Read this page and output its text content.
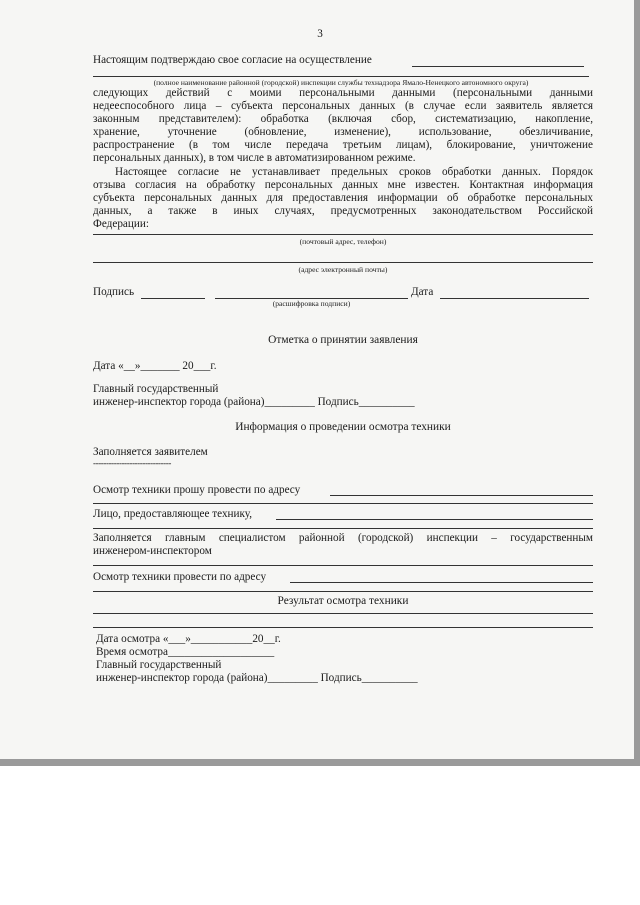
3
Настоящим подтверждаю свое согласие на осуществление
(полное наименование районной (городской) инспекции службы технадзора Ямало-Ненецкого автономного округа)
следующих действий с моими персональными данными (персональными данными
недееспособного лица – субъекта персональных данных (в случае если заявитель является
законным представителем): обработка (включая сбор, систематизацию, накопление,
хранение, уточнение (обновление, изменение), использование, обезличивание,
распространение (в том числе передача третьим лицам), блокирование, уничтожение
персональных данных), в том числе в автоматизированном режиме.
Настоящее согласие не устанавливает предельных сроков обработки данных. Порядок
отзыва согласия на обработку персональных данных мне известен. Контактная информация
субъекта персональных данных для предоставления информации об обработке персональных
данных, а также в иных случаях, предусмотренных законодательством Российской
Федерации:
(почтовый адрес, телефон)
(адрес электронный почты)
Подпись	Дата
(расшифровка подписи)
Отметка о принятии заявления
Дата «__»_______ 20___г.
Главный государственный
инженер-инспектор города (района)_________ Подпись__________
Информация о проведении осмотра техники
Заполняется заявителем
------------------------------
Осмотр техники прошу провести по адресу
Лицо, предоставляющее технику,
Заполняется главным специалистом районной (городской) инспекции – государственным
инженером-инспектором
Осмотр техники провести по адресу
Результат осмотра техники
Дата осмотра «___»___________20__г.
Время осмотра___________________
Главный государственный
инженер-инспектор города (района)_________ Подпись__________
